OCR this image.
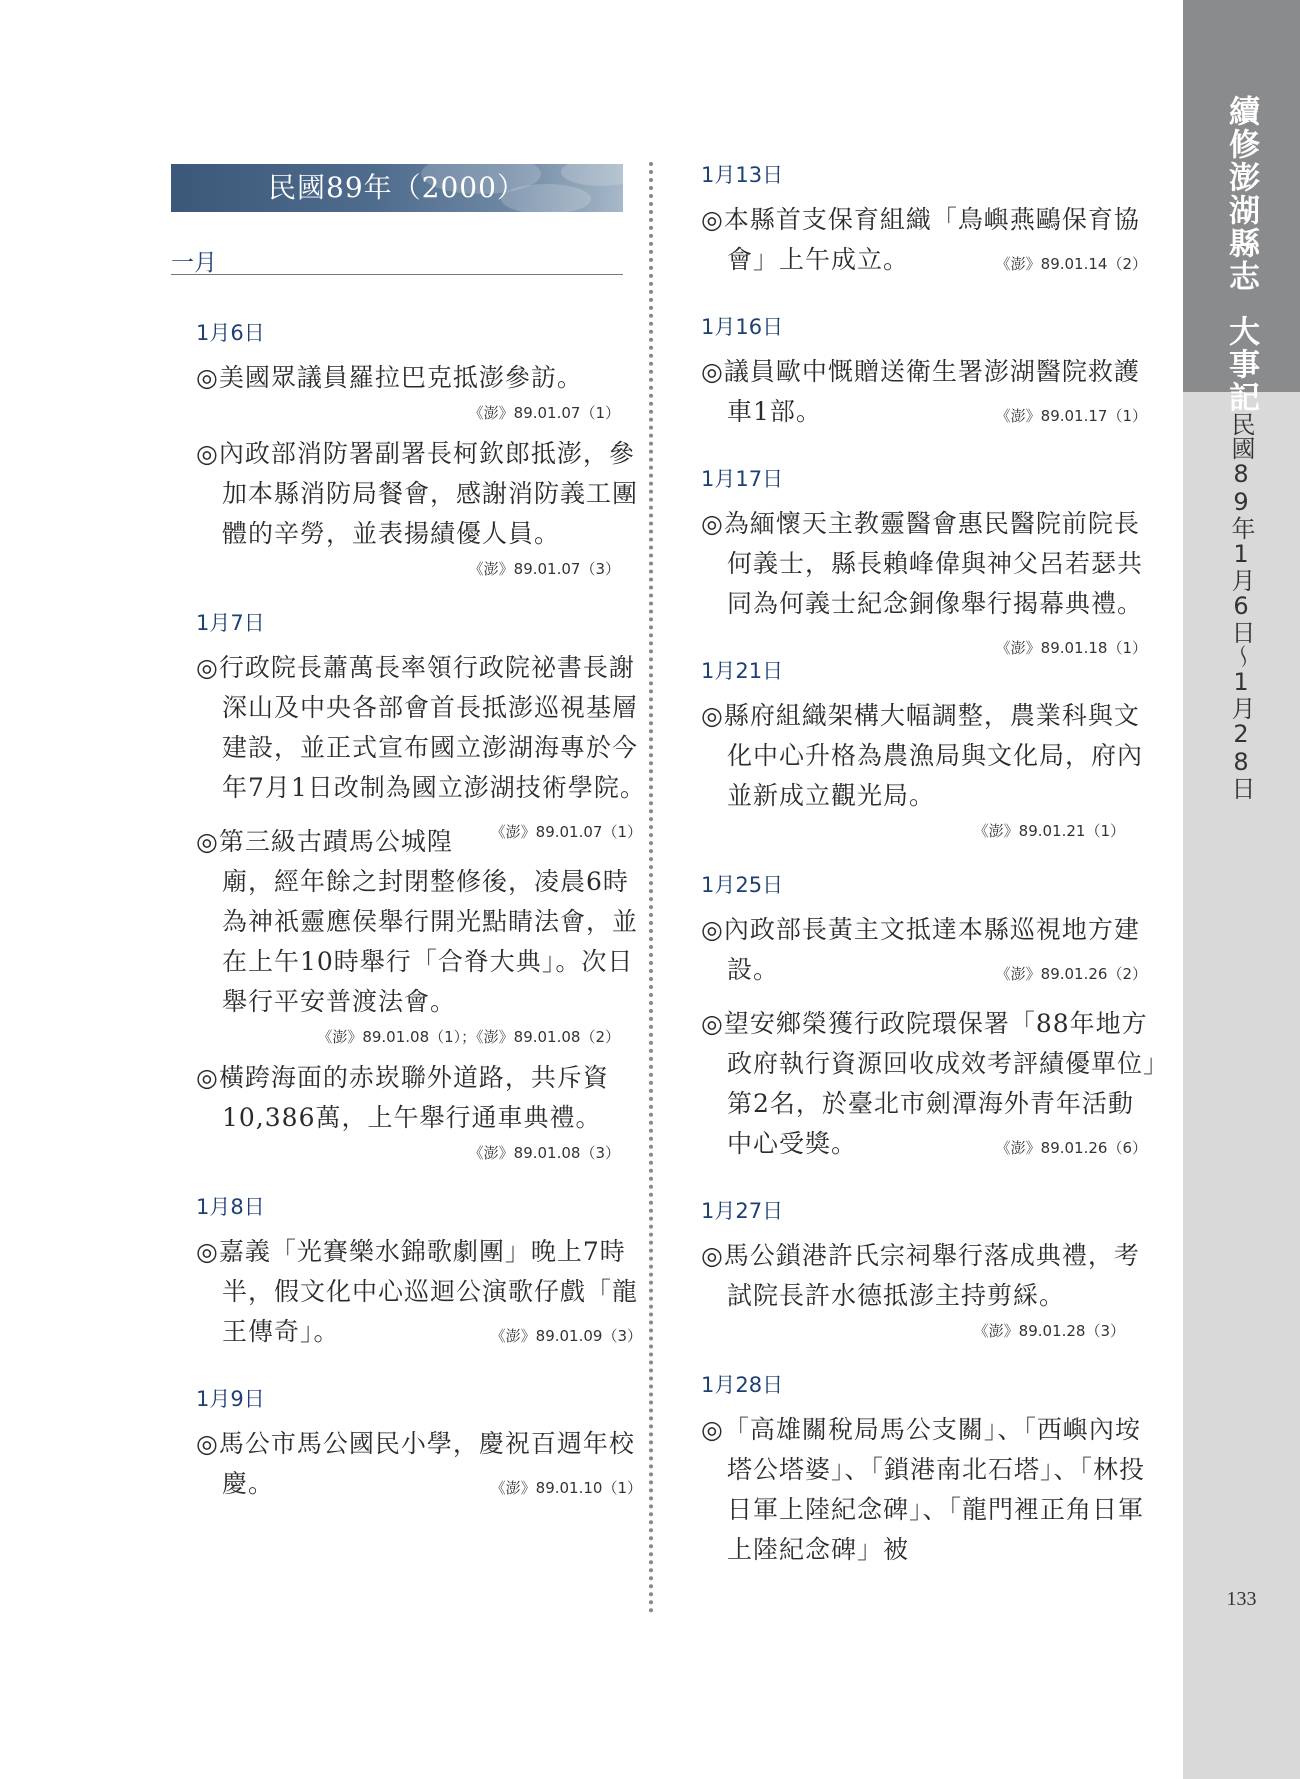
續修澎湖縣志大事記
民國89年1月6日～1月28日
133
民國89年（2000）
一月
1月6日
◎美國眾議員羅拉巴克抵澎參訪。
《澎》89.01.07（1）
◎內政部消防署副署長柯欽郎抵澎，參加本縣消防局餐會，感謝消防義工團體的辛勞，並表揚績優人員。
《澎》89.01.07（3）
1月7日
◎行政院長蕭萬長率領行政院祕書長謝深山及中央各部會首長抵澎巡視基層建設，並正式宣布國立澎湖海專於今年7月1日改制為國立澎湖技術學院。
《澎》89.01.07（1）
◎第三級古蹟馬公城隍廟，經年餘之封閉整修後，凌晨6時為神祇靈應侯舉行開光點睛法會，並在上午10時舉行「合脊大典」。次日舉行平安普渡法會。
《澎》89.01.08（1）；《澎》89.01.08（2）
◎橫跨海面的赤崁聯外道路，共斥資10,386萬，上午舉行通車典禮。
《澎》89.01.08（3）
1月8日
◎嘉義「光賽樂水錦歌劇團」晚上7時半，假文化中心巡迴公演歌仔戲「龍王傳奇」。	《澎》89.01.09（3）
1月9日
◎馬公市馬公國民小學，慶祝百週年校慶。	《澎》89.01.10（1）
1月13日
◎本縣首支保育組織「鳥嶼燕鷗保育協會」上午成立。	《澎》89.01.14（2）
1月16日
◎議員歐中慨贈送衛生署澎湖醫院救護車1部。	《澎》89.01.17（1）
1月17日
◎為緬懷天主教靈醫會惠民醫院前院長何義士，縣長賴峰偉與神父呂若瑟共同為何義士紀念銅像舉行揭幕典禮。
《澎》89.01.18（1）
1月21日
◎縣府組織架構大幅調整，農業科與文化中心升格為農漁局與文化局，府內並新成立觀光局。
《澎》89.01.21（1）
1月25日
◎內政部長黃主文抵達本縣巡視地方建設。	《澎》89.01.26（2）
◎望安鄉榮獲行政院環保署「88年地方政府執行資源回收成效考評績優單位」第2名，於臺北市劍潭海外青年活動中心受獎。	《澎》89.01.26（6）
1月27日
◎馬公鎖港許氏宗祠舉行落成典禮，考試院長許水德抵澎主持剪綵。
《澎》89.01.28（3）
1月28日
◎「高雄關稅局馬公支關」、「西嶼內垵塔公塔婆」、「鎖港南北石塔」、「林投日軍上陸紀念碑」、「龍門裡正角日軍上陸紀念碑」被
